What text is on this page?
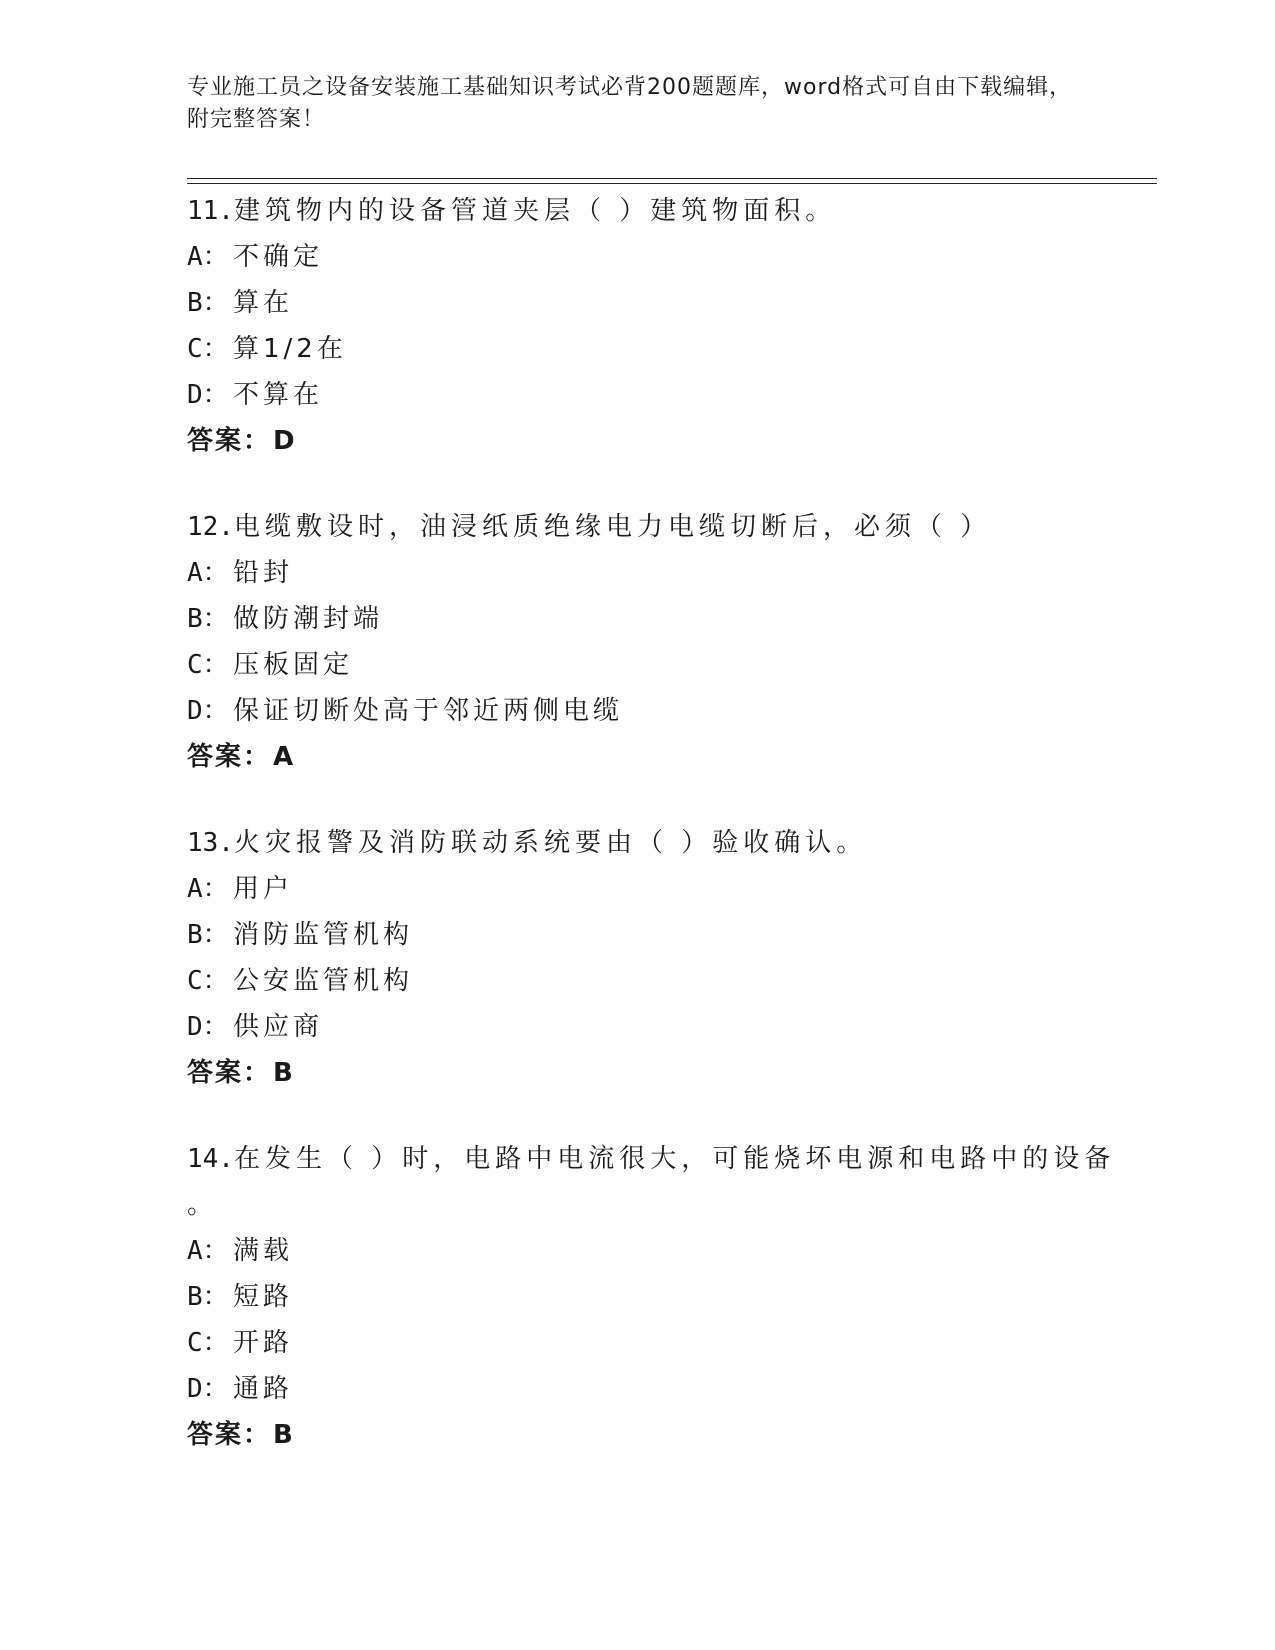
专业施工员之设备安装施工基础知识考试必背200题题库，word格式可自由下载编辑，附完整答案！
11. 建筑物内的设备管道夹层（ ）建筑物面积。
A： 不确定
B： 算在
C： 算1/2在
D： 不算在
答案： D
12. 电缆敷设时，油浸纸质绝缘电力电缆切断后，必须（ ）
A： 铅封
B： 做防潮封端
C： 压板固定
D： 保证切断处高于邻近两侧电缆
答案： A
13. 火灾报警及消防联动系统要由（ ）验收确认。
A： 用户
B： 消防监管机构
C： 公安监管机构
D： 供应商
答案： B
14. 在发生（ ）时，电路中电流很大，可能烧坏电源和电路中的设备
。
A： 满载
B： 短路
C： 开路
D： 通路
答案： B
